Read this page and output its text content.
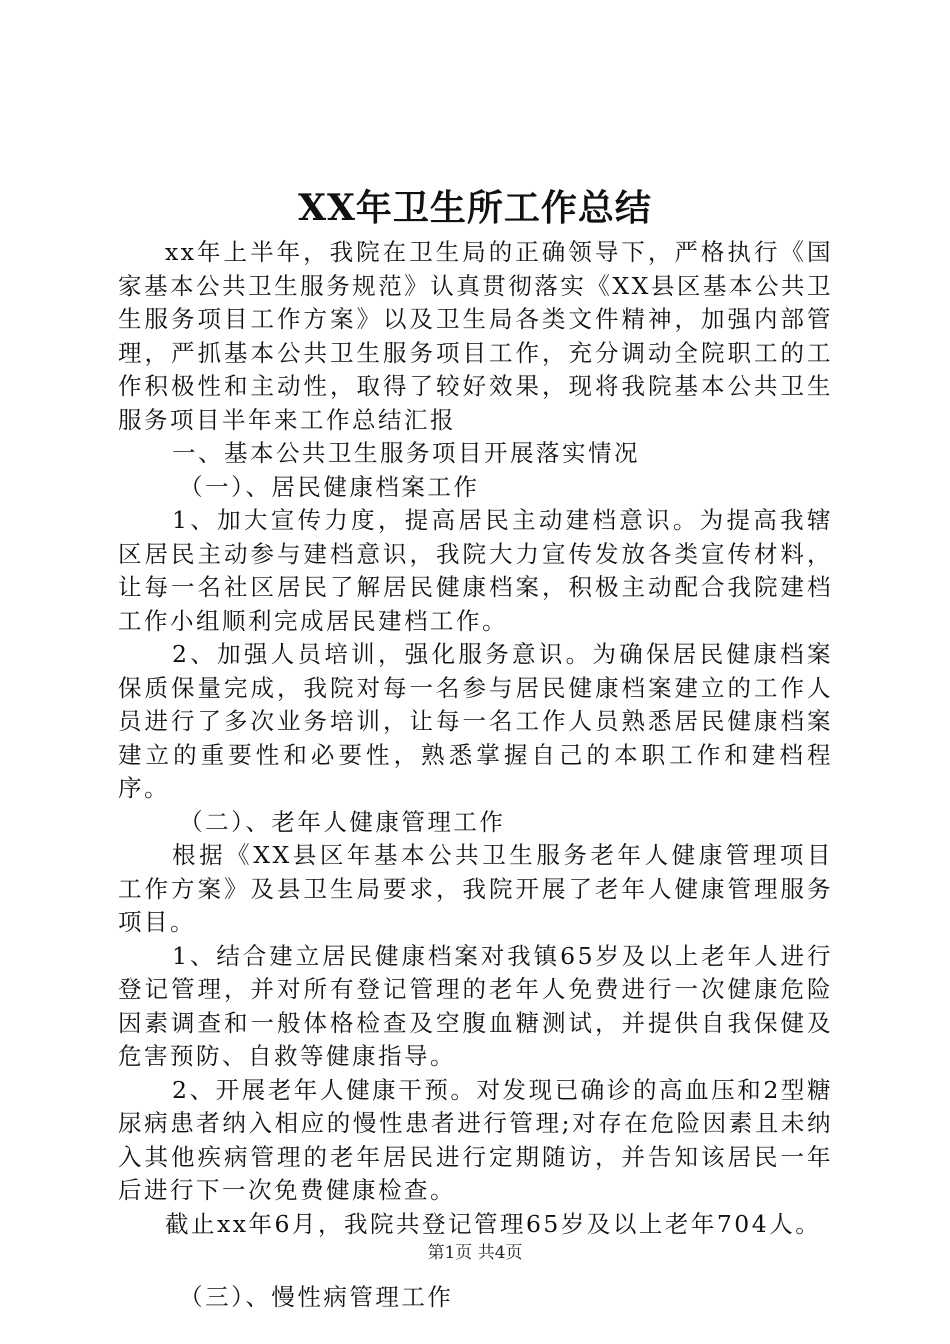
XX年卫生所工作总结

xx年上半年，我院在卫生局的正确领导下，严格执行《国家基本公共卫生服务规范》认真贯彻落实《XX县区基本公共卫生服务项目工作方案》以及卫生局各类文件精神，加强内部管理，严抓基本公共卫生服务项目工作，充分调动全院职工的工作积极性和主动性，取得了较好效果，现将我院基本公共卫生服务项目半年来工作总结汇报

一、基本公共卫生服务项目开展落实情况

（一）、居民健康档案工作

1、加大宣传力度，提高居民主动建档意识。为提高我辖区居民主动参与建档意识，我院大力宣传发放各类宣传材料，让每一名社区居民了解居民健康档案，积极主动配合我院建档工作小组顺利完成居民建档工作。

2、加强人员培训，强化服务意识。为确保居民健康档案保质保量完成，我院对每一名参与居民健康档案建立的工作人员进行了多次业务培训，让每一名工作人员熟悉居民健康档案建立的重要性和必要性，熟悉掌握自己的本职工作和建档程序。

（二）、老年人健康管理工作

根据《XX县区年基本公共卫生服务老年人健康管理项目工作方案》及县卫生局要求，我院开展了老年人健康管理服务项目。

1、结合建立居民健康档案对我镇65岁及以上老年人进行登记管理，并对所有登记管理的老年人免费进行一次健康危险因素调查和一般体格检查及空腹血糖测试，并提供自我保健及危害预防、自救等健康指导。

2、开展老年人健康干预。对发现已确诊的高血压和2型糖尿病患者纳入相应的慢性患者进行管理;对存在危险因素且未纳入其他疾病管理的老年居民进行定期随访，并告知该居民一年后进行下一次免费健康检查。

截止xx年6月，我院共登记管理65岁及以上老年704人。

（三）、慢性病管理工作

第1页 共4页
